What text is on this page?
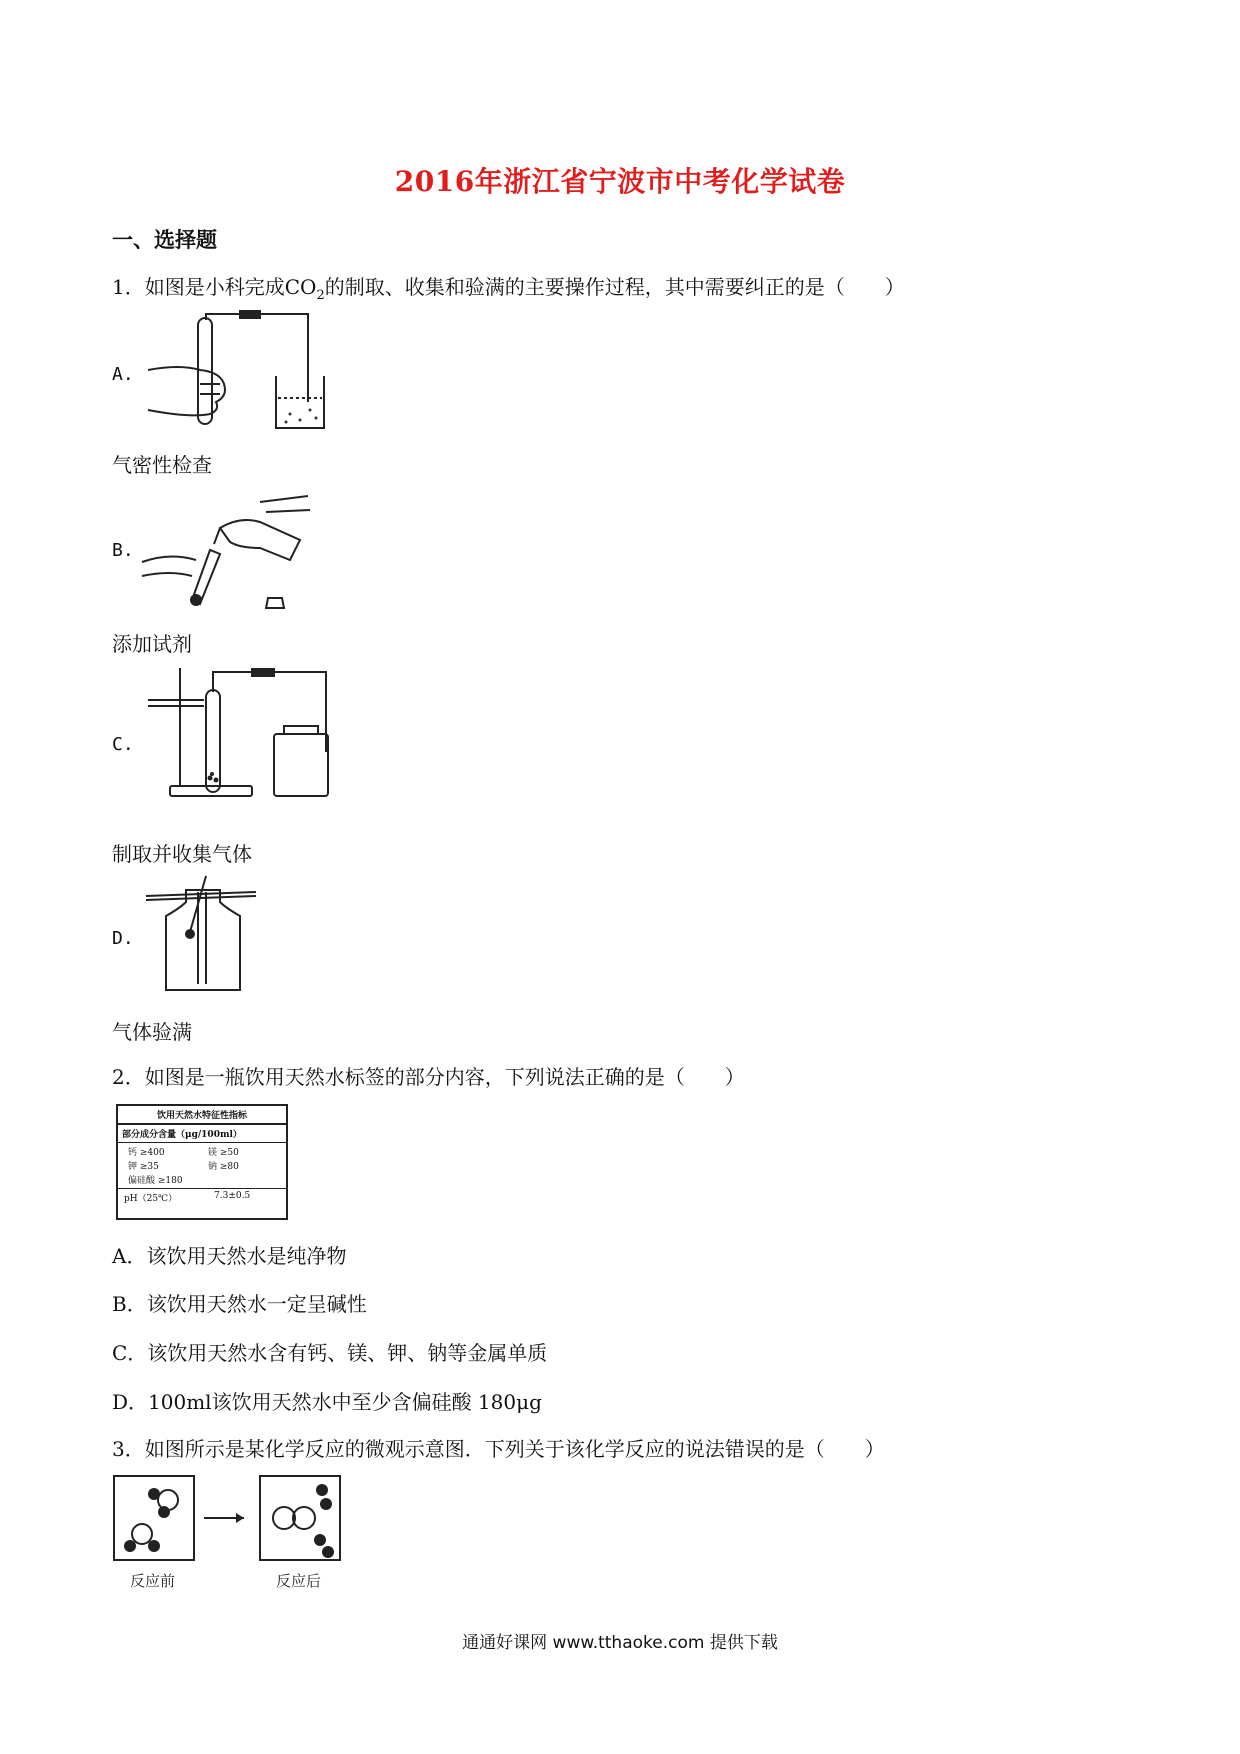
2016年浙江省宁波市中考化学试卷
一、选择题
1．如图是小科完成$CO_2$的制取、收集和验满的主要操作过程，其中需要纠正的是（　　）
A.
气密性检查
B.
添加试剂
C.
制取并收集气体
D.
气体验满
2．如图是一瓶饮用天然水标签的部分内容，下列说法正确的是（　　）
饮用天然水特征性指标
部分成分含量（μg/100ml）
钙 ≥400	镁 ≥50
钾 ≥35	钠 ≥80
偏硅酸 ≥180
pH（25℃）	7.3±0.5
A．该饮用天然水是纯净物
B．该饮用天然水一定呈碱性
C．该饮用天然水含有钙、镁、钾、钠等金属单质
D．100ml该饮用天然水中至少含偏硅酸 180μg
3．如图所示是某化学反应的微观示意图．下列关于该化学反应的说法错误的是（　　）
反应前	反应后
通通好课网 www.tthaoke.com 提供下载
